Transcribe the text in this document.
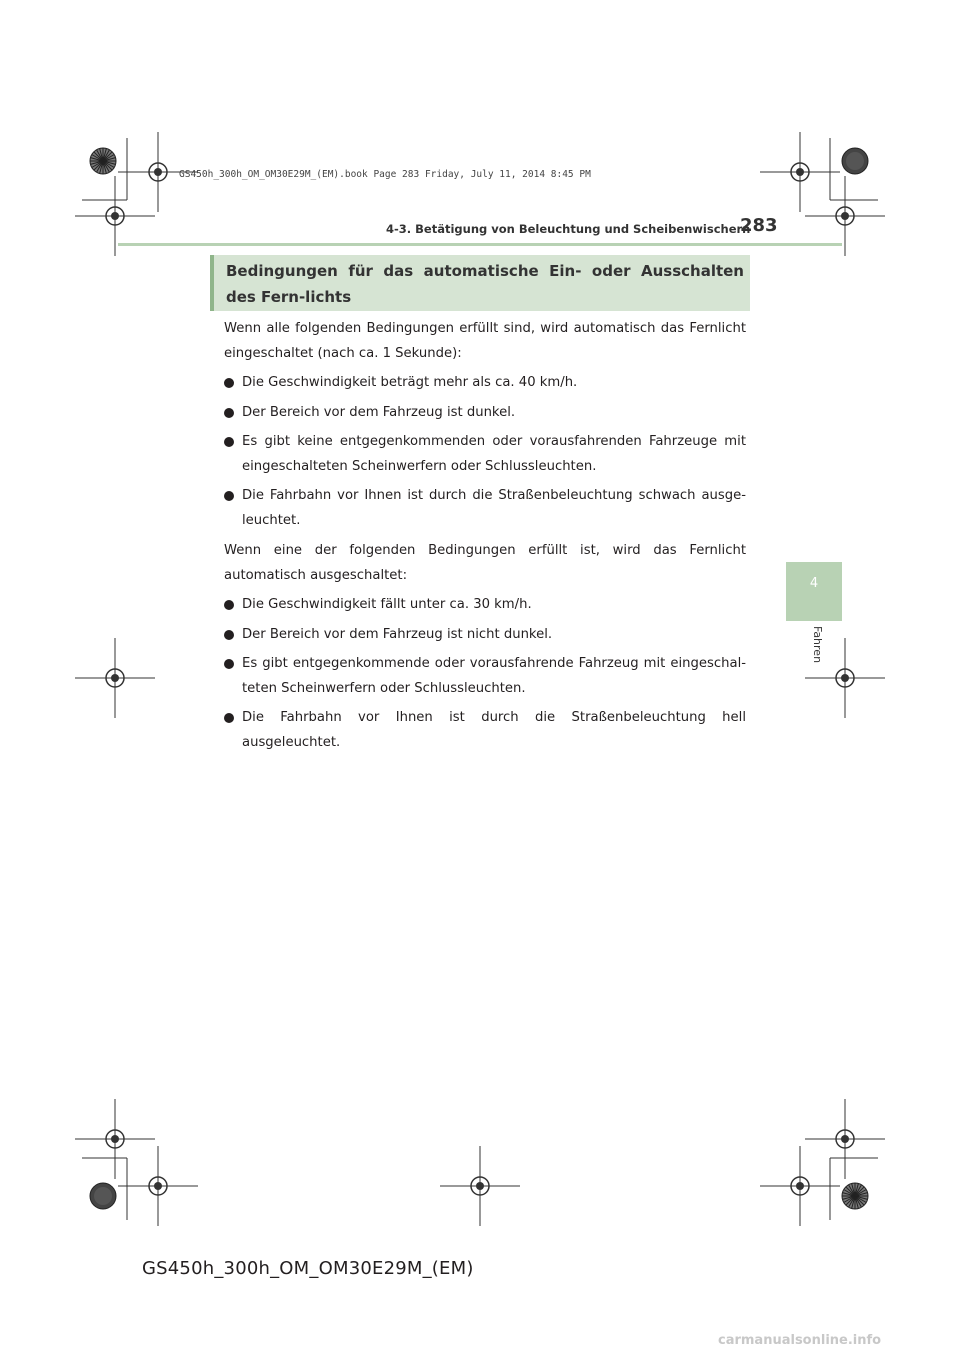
GS450h_300h_OM_OM30E29M_(EM).book Page 283 Friday, July 11, 2014 8:45 PM

4-3. Betätigung von Beleuchtung und Scheibenwischern

283

4

Fahren

Bedingungen für das automatische Ein- oder Ausschalten des Fern-lichts

Wenn alle folgenden Bedingungen erfüllt sind, wird automatisch das Fernlicht eingeschaltet (nach ca. 1 Sekunde):

Die Geschwindigkeit beträgt mehr als ca. 40 km/h.
Der Bereich vor dem Fahrzeug ist dunkel.
Es gibt keine entgegenkommenden oder vorausfahrenden Fahrzeuge mit eingeschalteten Scheinwerfern oder Schlussleuchten.
Die Fahrbahn vor Ihnen ist durch die Straßenbeleuchtung schwach ausge-leuchtet.

Wenn eine der folgenden Bedingungen erfüllt ist, wird das Fernlicht automatisch ausgeschaltet:

Die Geschwindigkeit fällt unter ca. 30 km/h.
Der Bereich vor dem Fahrzeug ist nicht dunkel.
Es gibt entgegenkommende oder vorausfahrende Fahrzeug mit eingeschal-teten Scheinwerfern oder Schlussleuchten.
Die Fahrbahn vor Ihnen ist durch die Straßenbeleuchtung hell ausgeleuchtet.

GS450h_300h_OM_OM30E29M_(EM)

carmanualsonline.info
